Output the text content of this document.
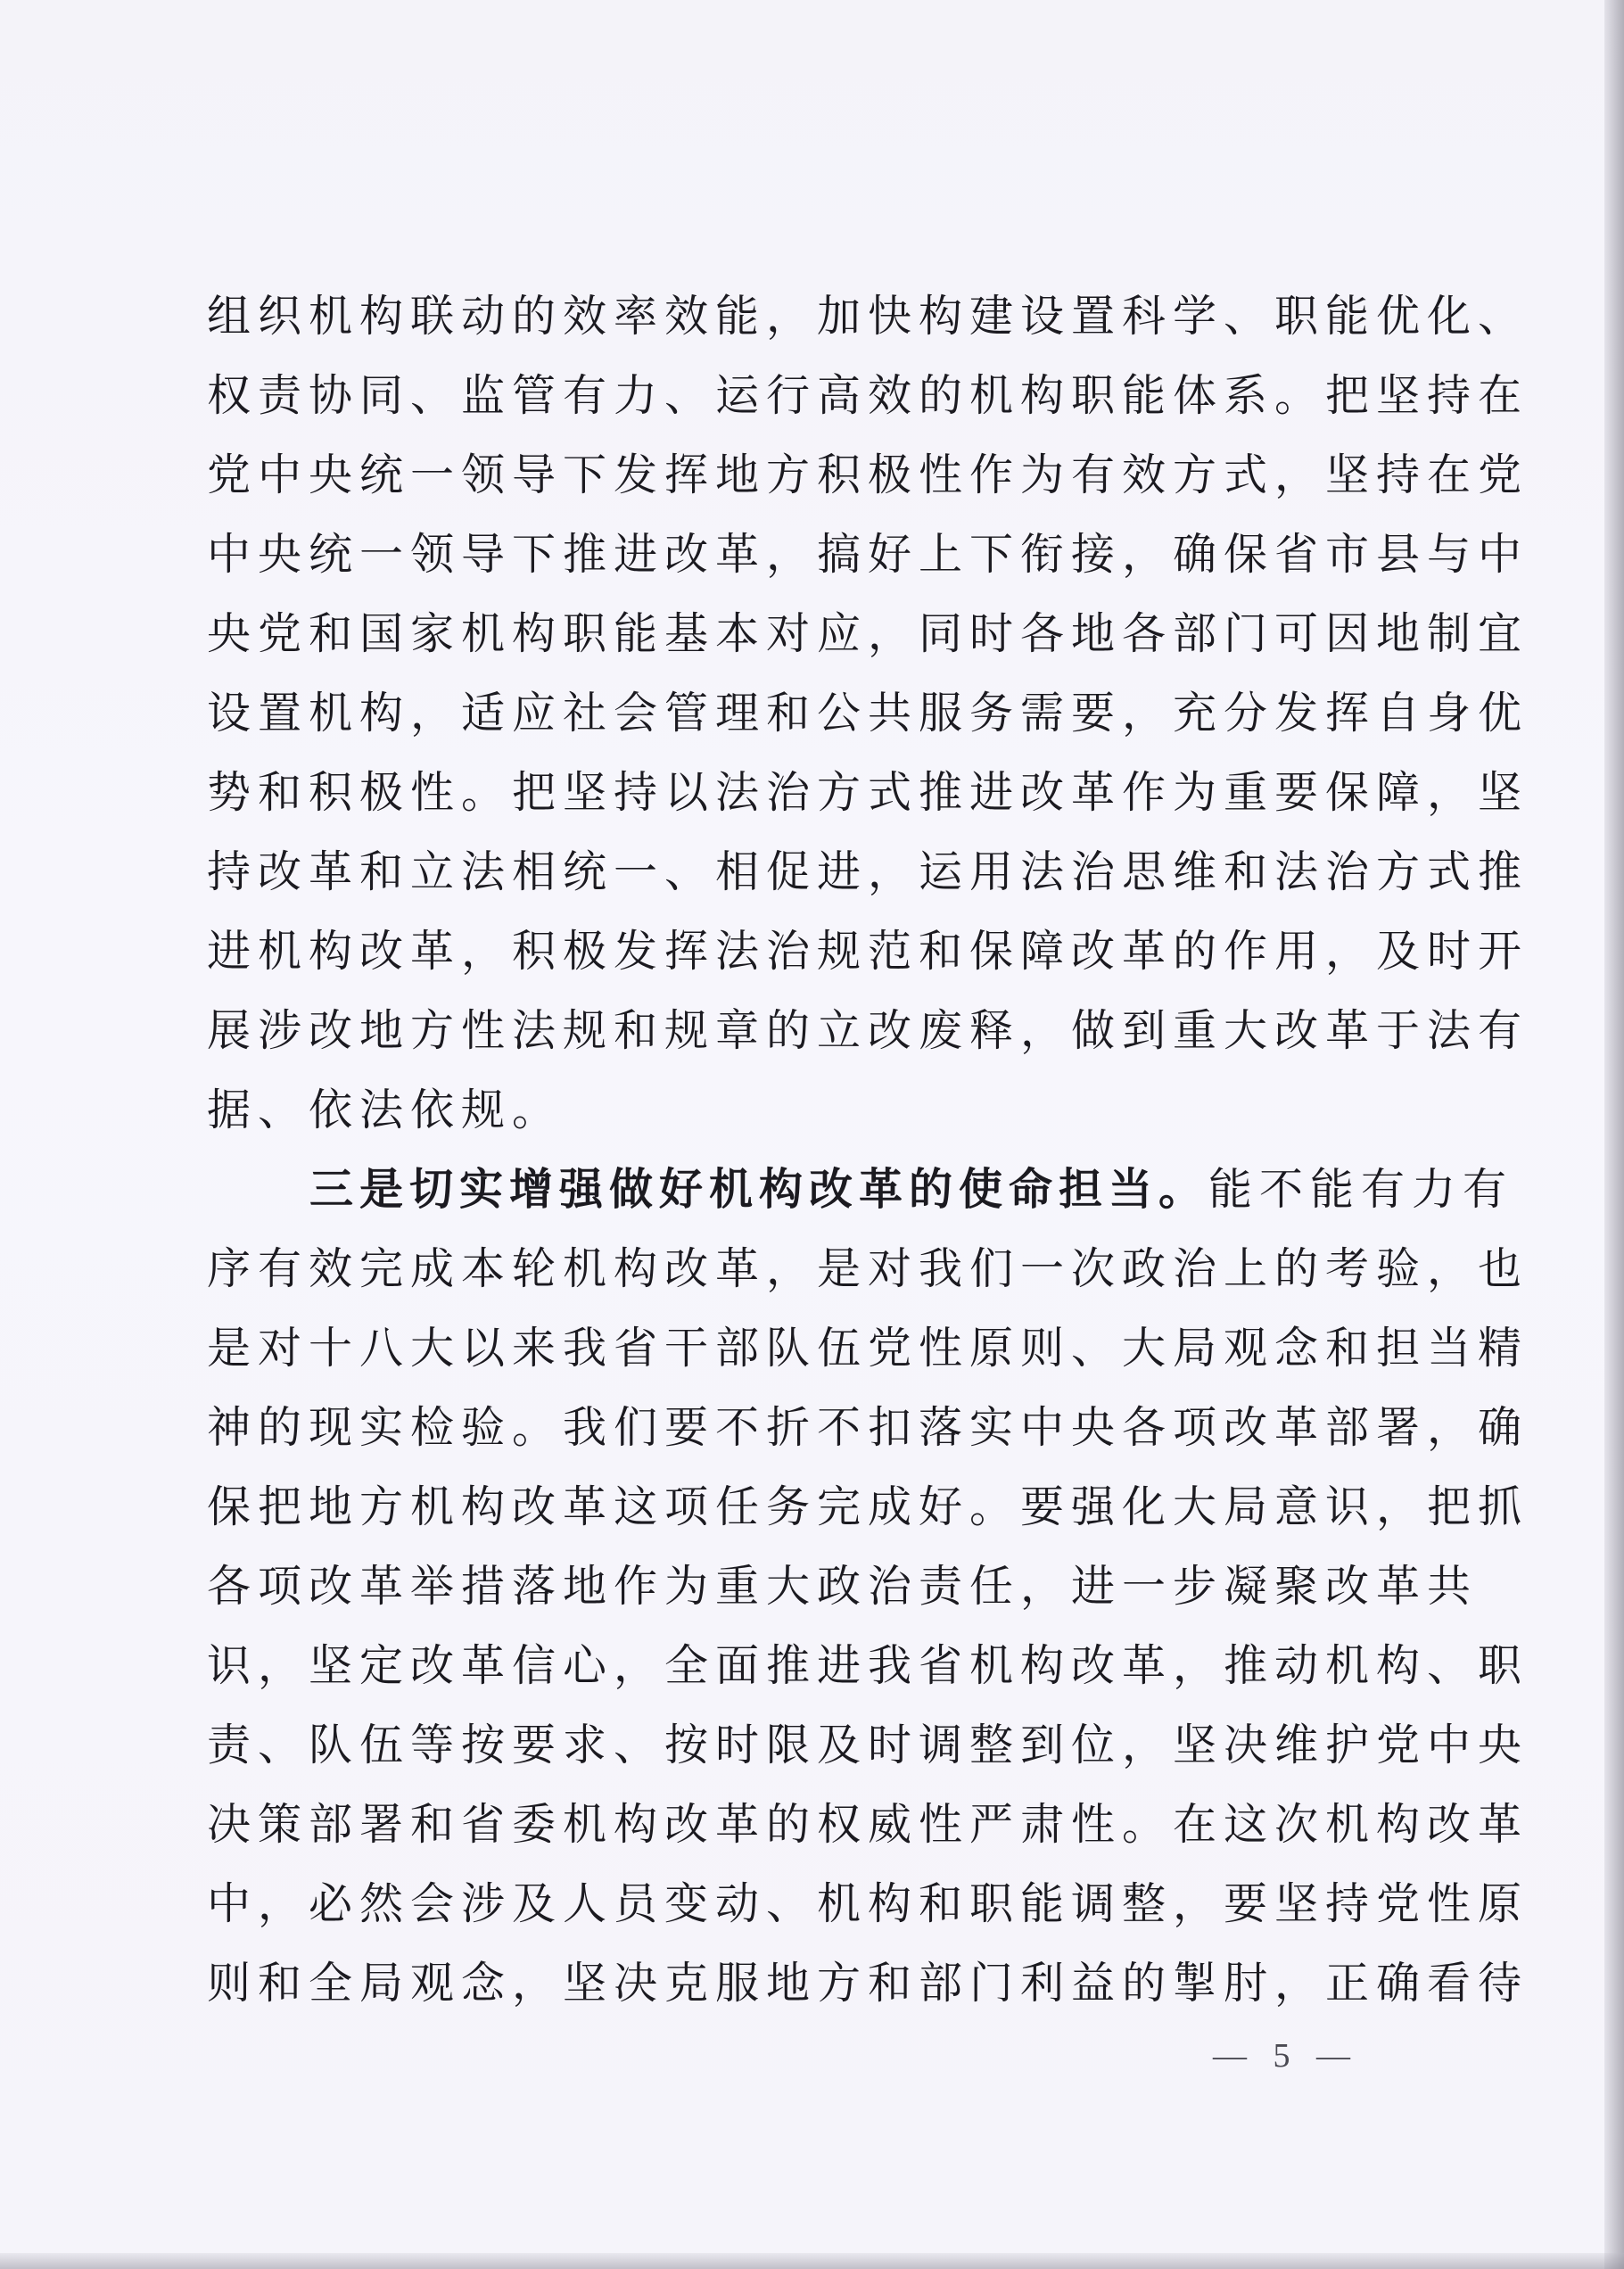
组织机构联动的效率效能，加快构建设置科学、职能优化、
权责协同、监管有力、运行高效的机构职能体系。把坚持在
党中央统一领导下发挥地方积极性作为有效方式，坚持在党
中央统一领导下推进改革，搞好上下衔接，确保省市县与中
央党和国家机构职能基本对应，同时各地各部门可因地制宜
设置机构，适应社会管理和公共服务需要，充分发挥自身优
势和积极性。把坚持以法治方式推进改革作为重要保障，坚
持改革和立法相统一、相促进，运用法治思维和法治方式推
进机构改革，积极发挥法治规范和保障改革的作用，及时开
展涉改地方性法规和规章的立改废释，做到重大改革于法有
据、依法依规。
三是切实增强做好机构改革的使命担当。能不能有力有
序有效完成本轮机构改革，是对我们一次政治上的考验，也
是对十八大以来我省干部队伍党性原则、大局观念和担当精
神的现实检验。我们要不折不扣落实中央各项改革部署，确
保把地方机构改革这项任务完成好。要强化大局意识，把抓
各项改革举措落地作为重大政治责任，进一步凝聚改革共
识，坚定改革信心，全面推进我省机构改革，推动机构、职
责、队伍等按要求、按时限及时调整到位，坚决维护党中央
决策部署和省委机构改革的权威性严肃性。在这次机构改革
中，必然会涉及人员变动、机构和职能调整，要坚持党性原
则和全局观念，坚决克服地方和部门利益的掣肘，正确看待
— 5 —
